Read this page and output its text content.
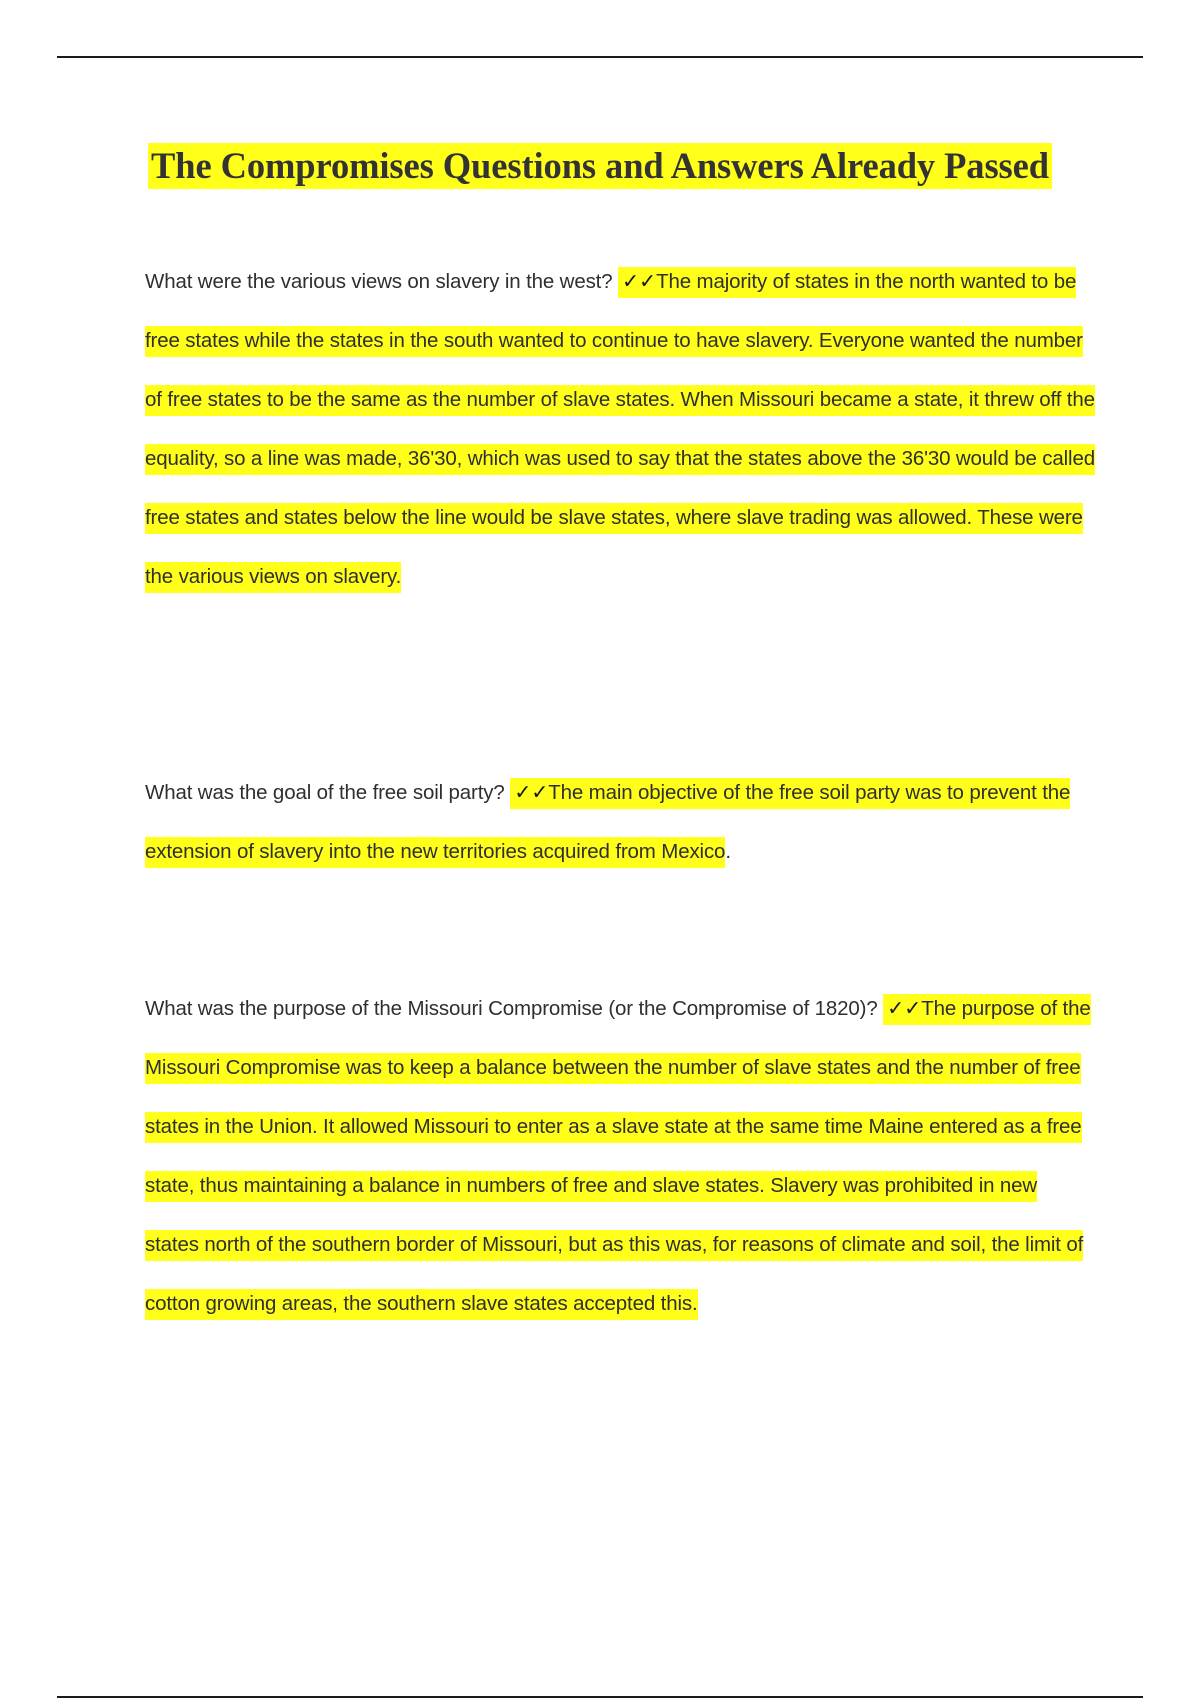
The Compromises Questions and Answers Already Passed
What were the various views on slavery in the west? ✓✓The majority of states in the north wanted to be free states while the states in the south wanted to continue to have slavery. Everyone wanted the number of free states to be the same as the number of slave states. When Missouri became a state, it threw off the equality, so a line was made, 36'30, which was used to say that the states above the 36'30 would be called free states and states below the line would be slave states, where slave trading was allowed. These were the various views on slavery.
What was the goal of the free soil party? ✓✓The main objective of the free soil party was to prevent the extension of slavery into the new territories acquired from Mexico.
What was the purpose of the Missouri Compromise (or the Compromise of 1820)? ✓✓The purpose of the Missouri Compromise was to keep a balance between the number of slave states and the number of free states in the Union. It allowed Missouri to enter as a slave state at the same time Maine entered as a free state, thus maintaining a balance in numbers of free and slave states. Slavery was prohibited in new states north of the southern border of Missouri, but as this was, for reasons of climate and soil, the limit of cotton growing areas, the southern slave states accepted this.
